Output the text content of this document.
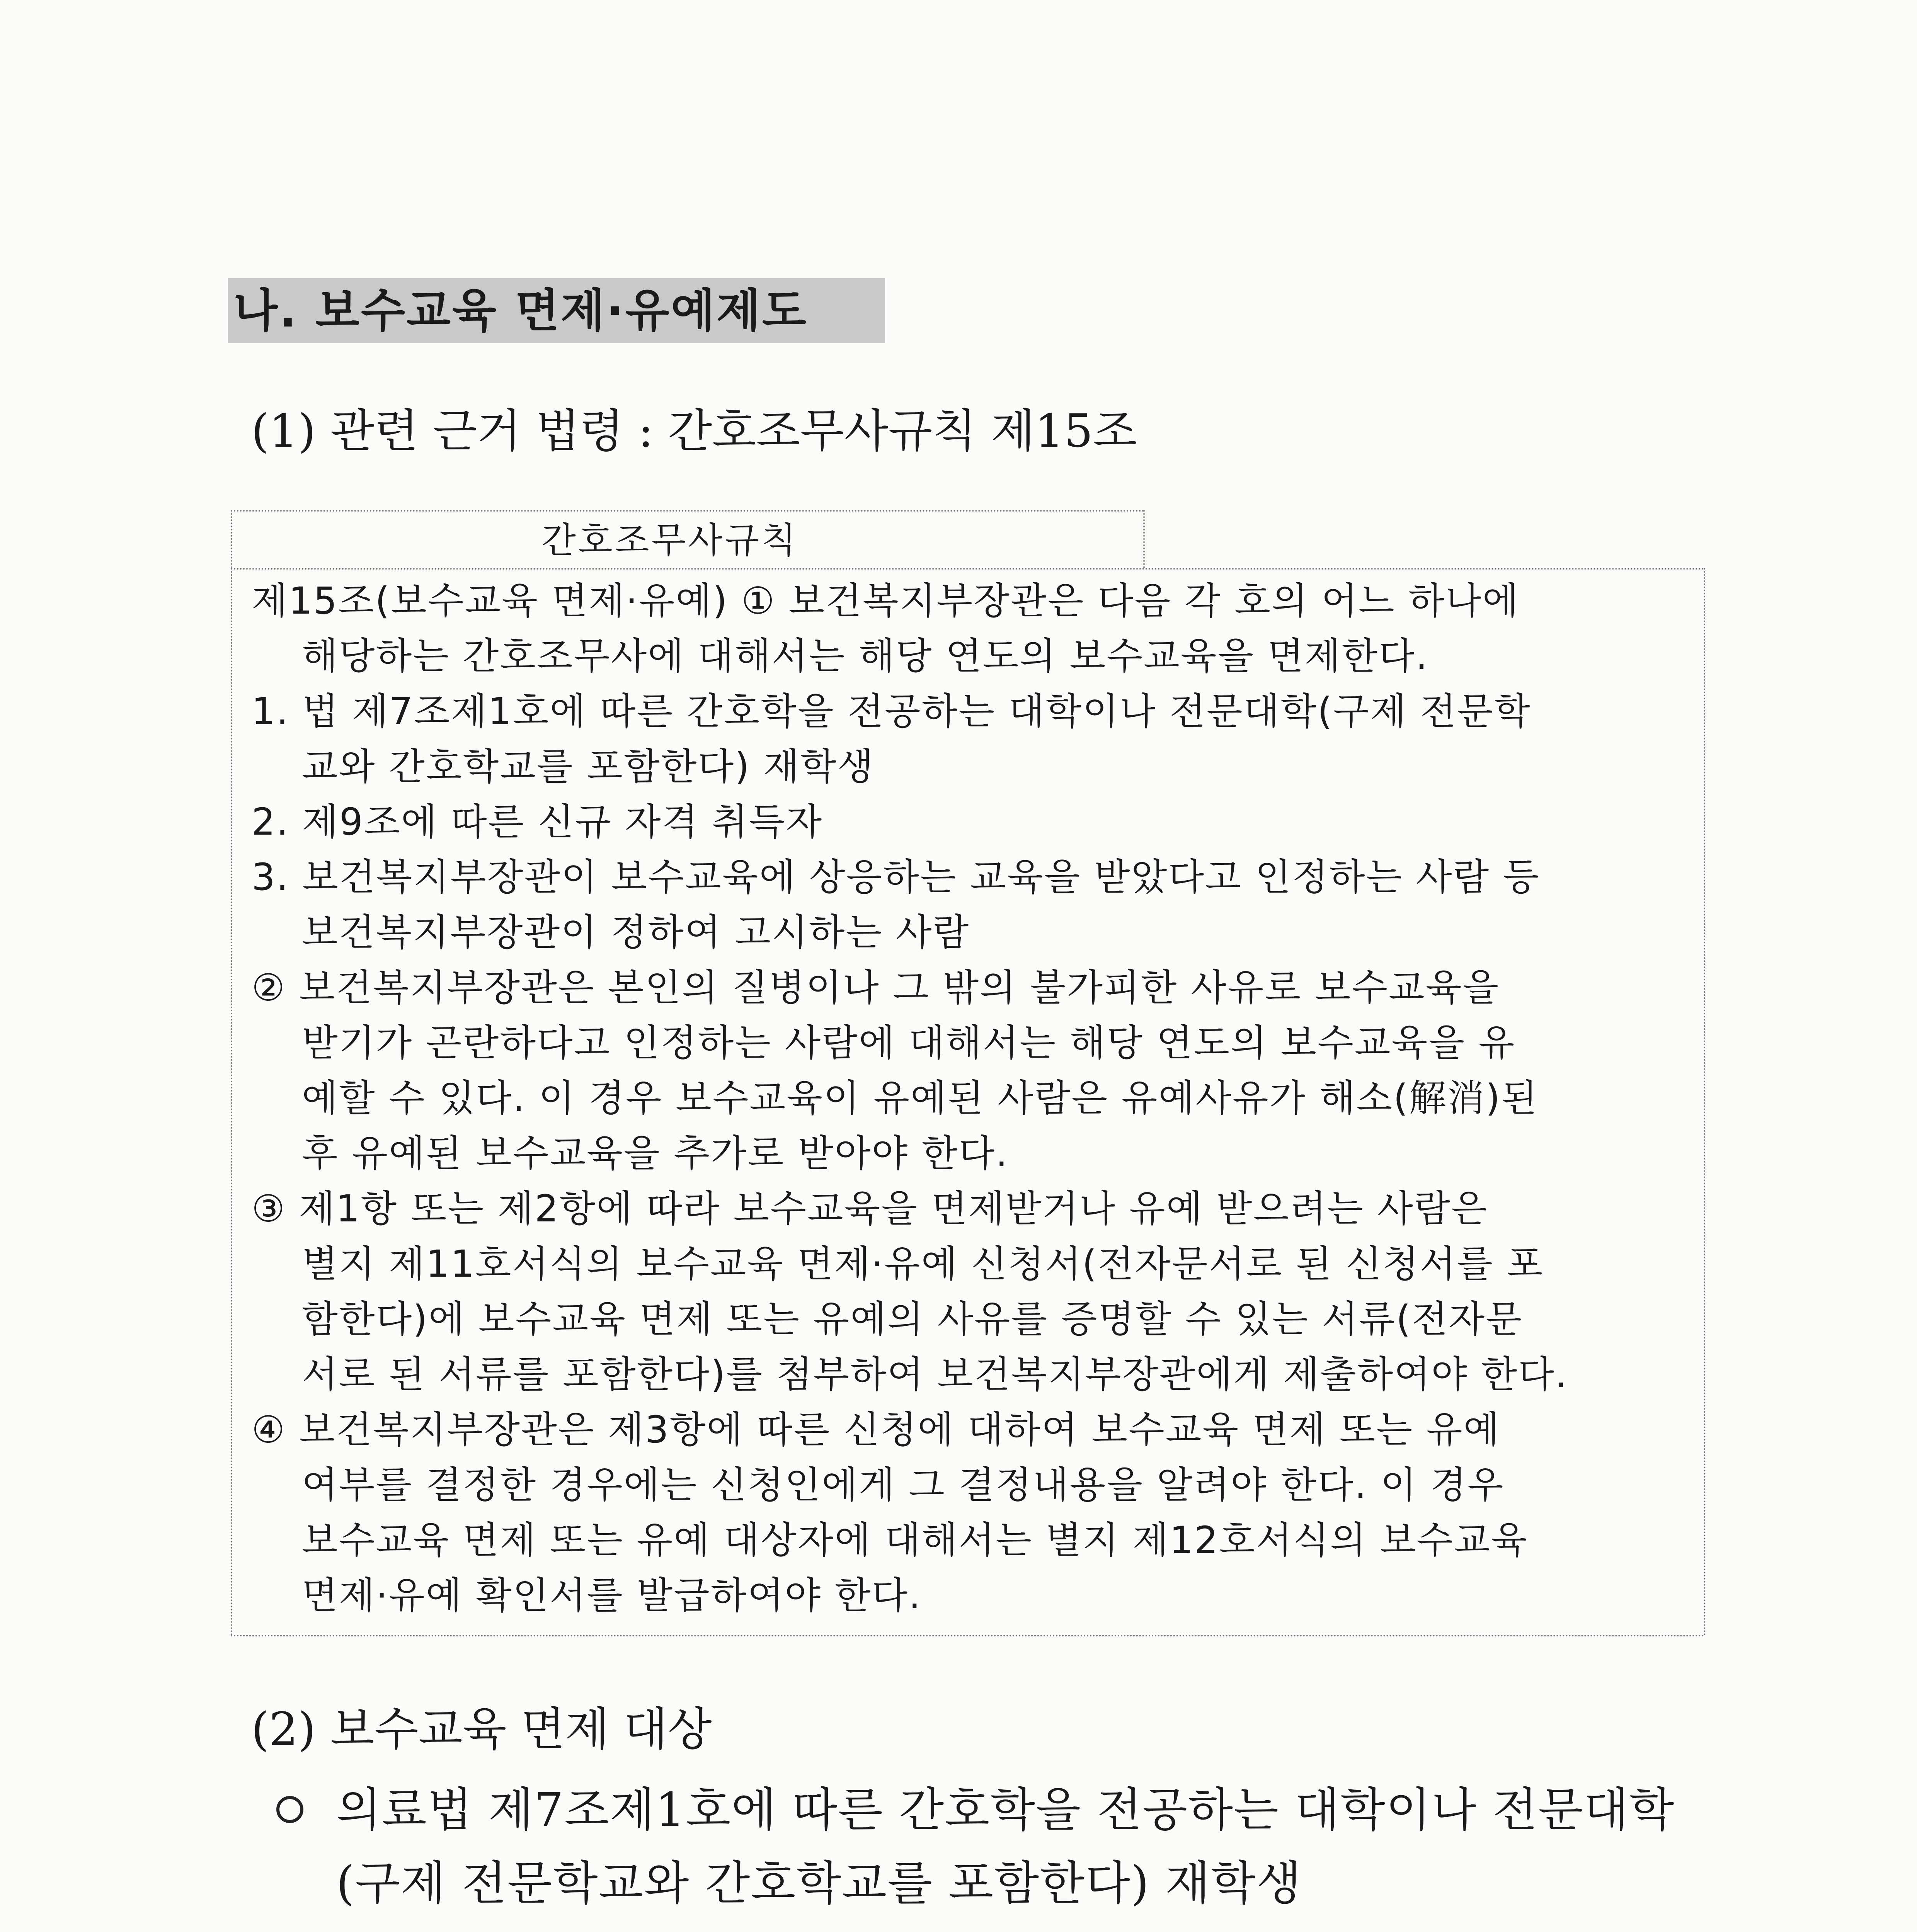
나. 보수교육 면제·유예제도
(1) 관련 근거 법령 : 간호조무사규칙 제15조
간호조무사규칙
제15조(보수교육 면제·유예) ① 보건복지부장관은 다음 각 호의 어느 하나에
해당하는 간호조무사에 대해서는 해당 연도의 보수교육을 면제한다.
1. 법 제7조제1호에 따른 간호학을 전공하는 대학이나 전문대학(구제 전문학
교와 간호학교를 포함한다) 재학생
2. 제9조에 따른 신규 자격 취득자
3. 보건복지부장관이 보수교육에 상응하는 교육을 받았다고 인정하는 사람 등
보건복지부장관이 정하여 고시하는 사람
② 보건복지부장관은 본인의 질병이나 그 밖의 불가피한 사유로 보수교육을
받기가 곤란하다고 인정하는 사람에 대해서는 해당 연도의 보수교육을 유
예할 수 있다. 이 경우 보수교육이 유예된 사람은 유예사유가 해소(解消)된
후 유예된 보수교육을 추가로 받아야 한다.
③ 제1항 또는 제2항에 따라 보수교육을 면제받거나 유예 받으려는 사람은
별지 제11호서식의 보수교육 면제·유예 신청서(전자문서로 된 신청서를 포
함한다)에 보수교육 면제 또는 유예의 사유를 증명할 수 있는 서류(전자문
서로 된 서류를 포함한다)를 첨부하여 보건복지부장관에게 제출하여야 한다.
④ 보건복지부장관은 제3항에 따른 신청에 대하여 보수교육 면제 또는 유예
여부를 결정한 경우에는 신청인에게 그 결정내용을 알려야 한다. 이 경우
보수교육 면제 또는 유예 대상자에 대해서는 별지 제12호서식의 보수교육
면제·유예 확인서를 발급하여야 한다.
(2) 보수교육 면제 대상
의료법 제7조제1호에 따른 간호학을 전공하는 대학이나 전문대학
(구제 전문학교와 간호학교를 포함한다) 재학생
